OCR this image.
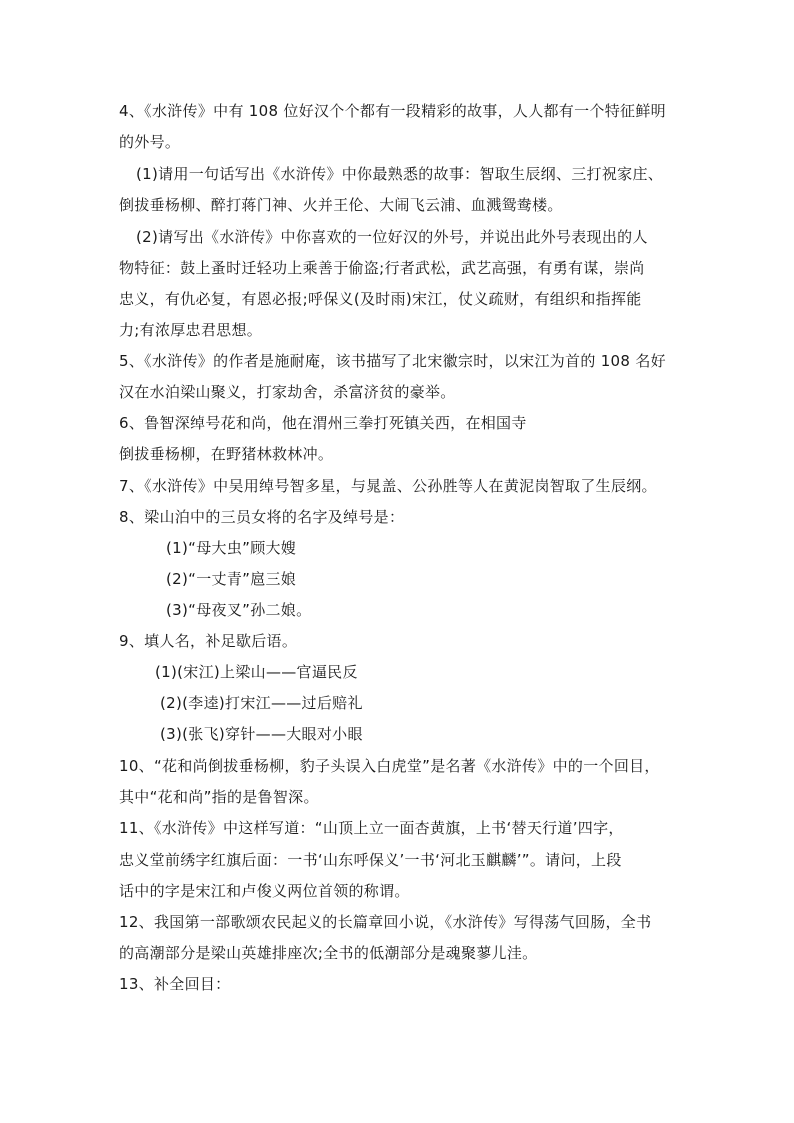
4、《水浒传》中有 108 位好汉个个都有一段精彩的故事，人人都有一个特征鲜明
的外号。
(1)请用一句话写出《水浒传》中你最熟悉的故事：智取生辰纲、三打祝家庄、
倒拔垂杨柳、醉打蒋门神、火并王伦、大闹飞云浦、血溅鸳鸯楼。
(2)请写出《水浒传》中你喜欢的一位好汉的外号，并说出此外号表现出的人
物特征：鼓上蚤时迁轻功上乘善于偷盗;行者武松，武艺高强，有勇有谋，崇尚
忠义，有仇必复，有恩必报;呼保义(及时雨)宋江，仗义疏财，有组织和指挥能
力;有浓厚忠君思想。
5、《水浒传》的作者是施耐庵，该书描写了北宋徽宗时，以宋江为首的 108 名好
汉在水泊梁山聚义，打家劫舍，杀富济贫的豪举。
6、鲁智深绰号花和尚，他在渭州三拳打死镇关西，在相国寺
倒拔垂杨柳，在野猪林救林冲。
7、《水浒传》中吴用绰号智多星，与晁盖、公孙胜等人在黄泥岗智取了生辰纲。
8、梁山泊中的三员女将的名字及绰号是：
(1)“母大虫”顾大嫂
(2)“一丈青”扈三娘
(3)“母夜叉”孙二娘。
9、填人名，补足歇后语。
(1)(宋江)上梁山——官逼民反
(2)(李逵)打宋江——过后赔礼
(3)(张飞)穿针——大眼对小眼
10、“花和尚倒拔垂杨柳，豹子头误入白虎堂”是名著《水浒传》中的一个回目，
其中“花和尚”指的是鲁智深。
11、《水浒传》中这样写道：“山顶上立一面杏黄旗，上书‘替天行道’四字，
忠义堂前绣字红旗后面：一书‘山东呼保义’一书‘河北玉麒麟’”。请问，上段
话中的字是宋江和卢俊义两位首领的称谓。
12、我国第一部歌颂农民起义的长篇章回小说，《水浒传》写得荡气回肠，全书
的高潮部分是梁山英雄排座次;全书的低潮部分是魂聚蓼儿洼。
13、补全回目：
